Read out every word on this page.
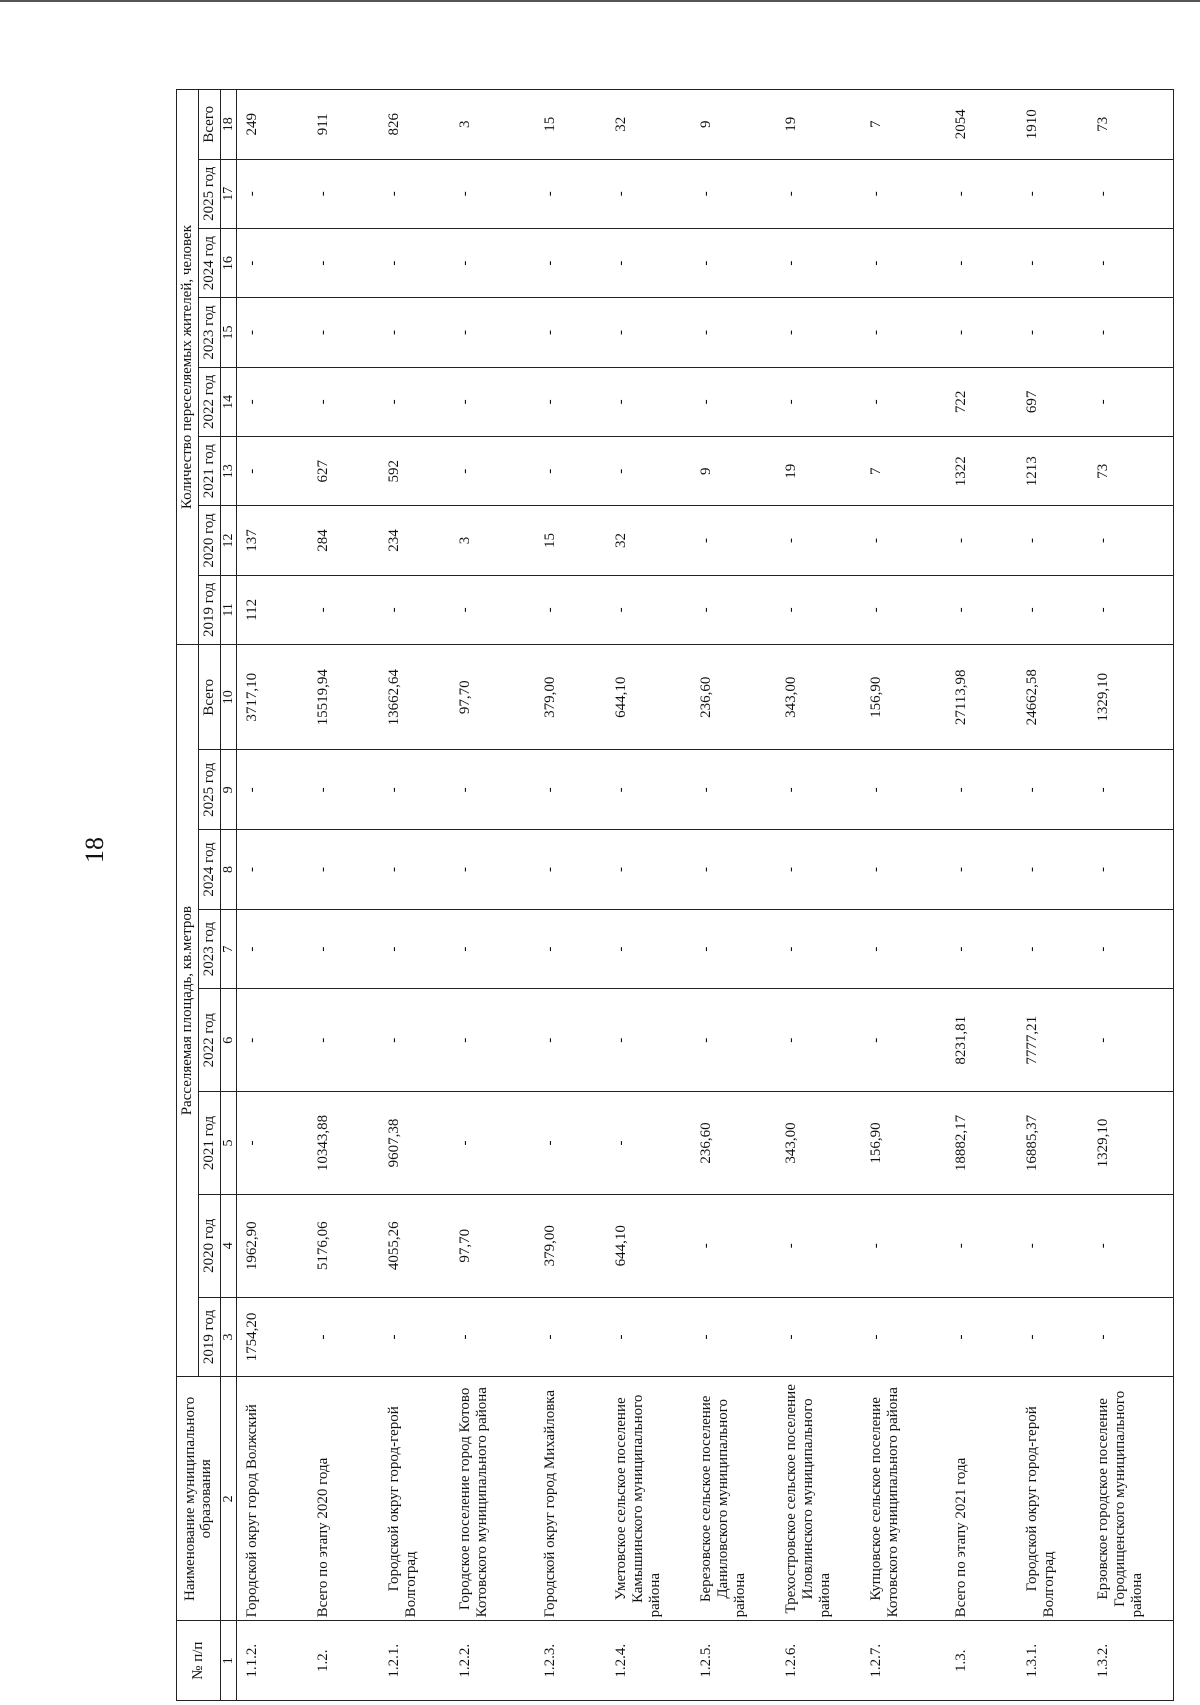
18
№ п/п	Наименование муниципального образования	Расселяемая площадь, кв.метров								Количество переселяемых жителей, человек							
		2019 год	2020 год	2021 год	2022 год	2023 год	2024 год	2025 год	Всего	2019 год	2020 год	2021 год	2022 год	2023 год	2024 год	2025 год	Всего
1	2	3	4	5	6	7	8	9	10	11	12	13	14	15	16	17	18
1.1.2.	Городской округ город Волжский	1754,20	1962,90	-	-	-	-	-	3717,10	112	137	-	-	-	-	-	249
1.2.	Всего по этапу 2020 года	-	5176,06	10343,88	-	-	-	-	15519,94	-	284	627	-	-	-	-	911
1.2.1.	Городской округ город-герой Волгоград	-	4055,26	9607,38	-	-	-	-	13662,64	-	234	592	-	-	-	-	826
1.2.2.	Городское поселение город Котово Котовского муниципального района	-	97,70	-	-	-	-	-	97,70	-	3	-	-	-	-	-	3
1.2.3.	Городской округ город Михайловка	-	379,00	-	-	-	-	-	379,00	-	15	-	-	-	-	-	15
1.2.4.	Уметовское сельское поселение Камышинского муниципального района	-	644,10	-	-	-	-	-	644,10	-	32	-	-	-	-	-	32
1.2.5.	Березовское сельское поселение Даниловского муниципального района	-	-	236,60	-	-	-	-	236,60	-	-	9	-	-	-	-	9
1.2.6.	Трехостровское сельское поселение Иловлинского муниципального района	-	-	343,00	-	-	-	-	343,00	-	-	19	-	-	-	-	19
1.2.7.	Купцовское сельское поселение Котовского муниципального района	-	-	156,90	-	-	-	-	156,90	-	-	7	-	-	-	-	7
1.3.	Всего по этапу 2021 года	-	-	18882,17	8231,81	-	-	-	27113,98	-	-	1322	722	-	-	-	2054
1.3.1.	Городской округ город-герой Волгоград	-	-	16885,37	7777,21	-	-	-	24662,58	-	-	1213	697	-	-	-	1910
1.3.2.	Ерзовское городское поселение Городищенского муниципального района	-	-	1329,10	-	-	-	-	1329,10	-	-	73	-	-	-	-	73
